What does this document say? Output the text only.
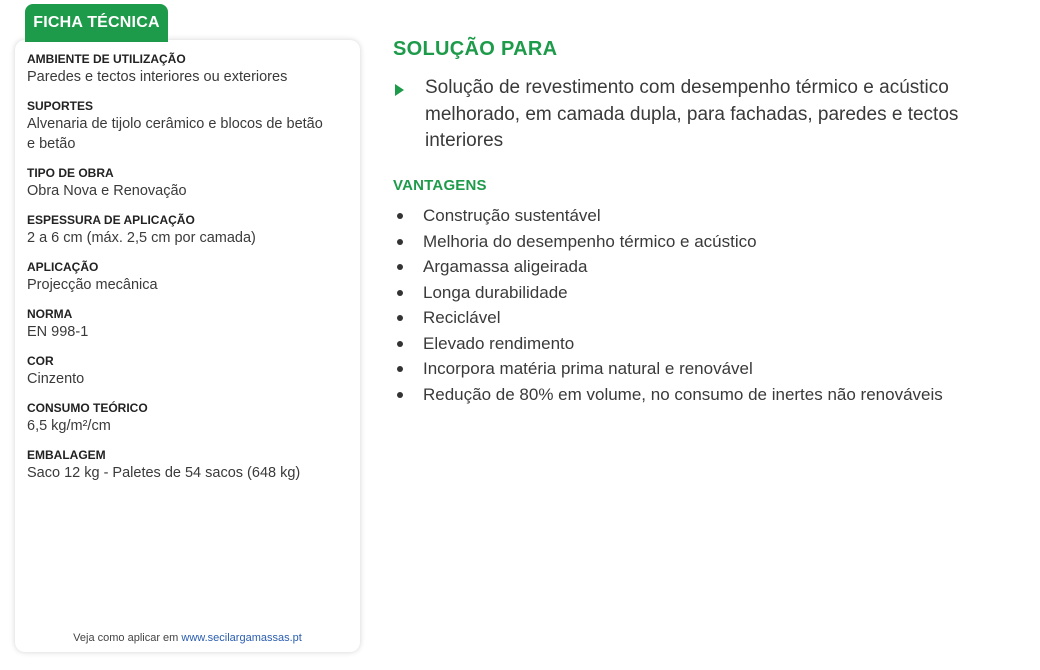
FICHA TÉCNICA
AMBIENTE DE UTILIZAÇÃO
Paredes e tectos interiores ou exteriores
SUPORTES
Alvenaria de tijolo cerâmico e blocos de betão e betão
TIPO DE OBRA
Obra Nova e Renovação
ESPESSURA DE APLICAÇÃO
2 a 6 cm (máx. 2,5 cm por camada)
APLICAÇÃO
Projecção mecânica
NORMA
EN 998-1
COR
Cinzento
CONSUMO TEÓRICO
6,5 kg/m²/cm
EMBALAGEM
Saco 12 kg - Paletes de 54 sacos (648 kg)
Veja como aplicar em www.secilargamassas.pt
SOLUÇÃO PARA
Solução de revestimento com desempenho térmico e acústico melhorado, em camada dupla, para fachadas, paredes e tectos interiores
VANTAGENS
Construção sustentável
Melhoria do desempenho térmico e acústico
Argamassa aligeirada
Longa durabilidade
Reciclável
Elevado rendimento
Incorpora matéria prima natural e renovável
Redução de 80% em volume, no consumo de inertes não renováveis
